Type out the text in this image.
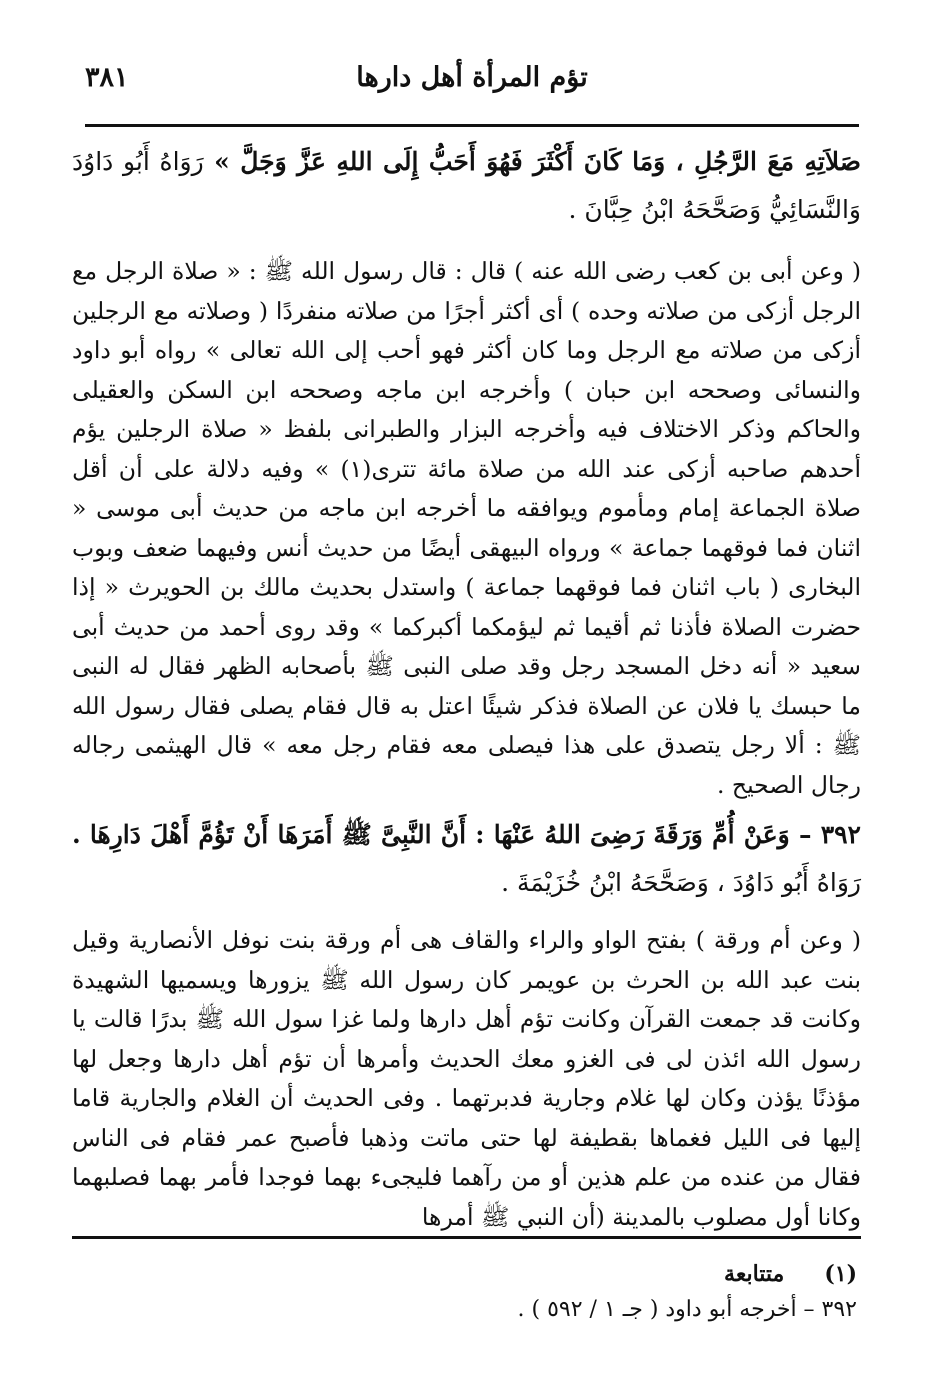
٣٨١	تؤم المرأة أهل دارها

صَلاَتِهِ مَعَ الرَّجُلِ ، وَمَا كَانَ أَكْثَرَ فَهُوَ أَحَبُّ إِلَى اللهِ عَزَّ وَجَلَّ » رَوَاهُ أَبُو دَاوُدَ وَالنَّسَائِيُّ وَصَحَّحَهُ ابْنُ حِبَّانَ .

( وعن أبى بن كعب رضى الله عنه ) قال : قال رسول الله ﷺ : « صلاة الرجل مع الرجل أزكى من صلاته وحده ) أى أكثر أجرًا من صلاته منفردًا ( وصلاته مع الرجلين أزكى من صلاته مع الرجل وما كان أكثر فهو أحب إلى الله تعالى » رواه أبو داود والنسائى وصححه ابن حبان ) وأخرجه ابن ماجه وصححه ابن السكن والعقيلى والحاكم وذكر الاختلاف فيه وأخرجه البزار والطبرانى بلفظ « صلاة الرجلين يؤم أحدهم صاحبه أزكى عند الله من صلاة مائة تترى(١) » وفيه دلالة على أن أقل صلاة الجماعة إمام ومأموم ويوافقه ما أخرجه ابن ماجه من حديث أبى موسى « اثنان فما فوقهما جماعة » ورواه البيهقى أيضًا من حديث أنس وفيهما ضعف وبوب البخارى ( باب اثنان فما فوقهما جماعة ) واستدل بحديث مالك بن الحويرث « إذا حضرت الصلاة فأذنا ثم أقيما ثم ليؤمكما أكبركما » وقد روى أحمد من حديث أبى سعيد « أنه دخل المسجد رجل وقد صلى النبى ﷺ بأصحابه الظهر فقال له النبى ما حبسك يا فلان عن الصلاة فذكر شيئًا اعتل به قال فقام يصلى فقال رسول الله ﷺ : ألا رجل يتصدق على هذا فيصلى معه فقام رجل معه » قال الهيثمى رجاله رجال الصحيح .

٣٩٢ – وَعَنْ أُمِّ وَرَقَةَ رَضِىَ اللهُ عَنْهَا : أَنَّ النَّبِىَّ ﷺ أَمَرَهَا أَنْ تَؤُمَّ أَهْلَ دَارِهَا . رَوَاهُ أَبُو دَاوُدَ ، وَصَحَّحَهُ ابْنُ خُزَيْمَةَ .

( وعن أم ورقة ) بفتح الواو والراء والقاف هى أم ورقة بنت نوفل الأنصارية وقيل بنت عبد الله بن الحرث بن عويمر كان رسول الله ﷺ يزورها ويسميها الشهيدة وكانت قد جمعت القرآن وكانت تؤم أهل دارها ولما غزا سول الله ﷺ بدرًا قالت يا رسول الله ائذن لى فى الغزو معك الحديث وأمرها أن تؤم أهل دارها وجعل لها مؤذنًا يؤذن وكان لها غلام وجارية فدبرتهما . وفى الحديث أن الغلام والجارية قاما إليها فى الليل فغماها بقطيفة لها حتى ماتت وذهبا فأصبح عمر فقام فى الناس فقال من عنده من علم هذين أو من رآهما فليجىء بهما فوجدا فأمر بهما فصلبهما وكانا أول مصلوب بالمدينة (أن النبي ﷺ أمرها

(١)متتابعة

٣٩٢ – أخرجه أبو داود ( جـ ١ / ٥٩٢ ) .
